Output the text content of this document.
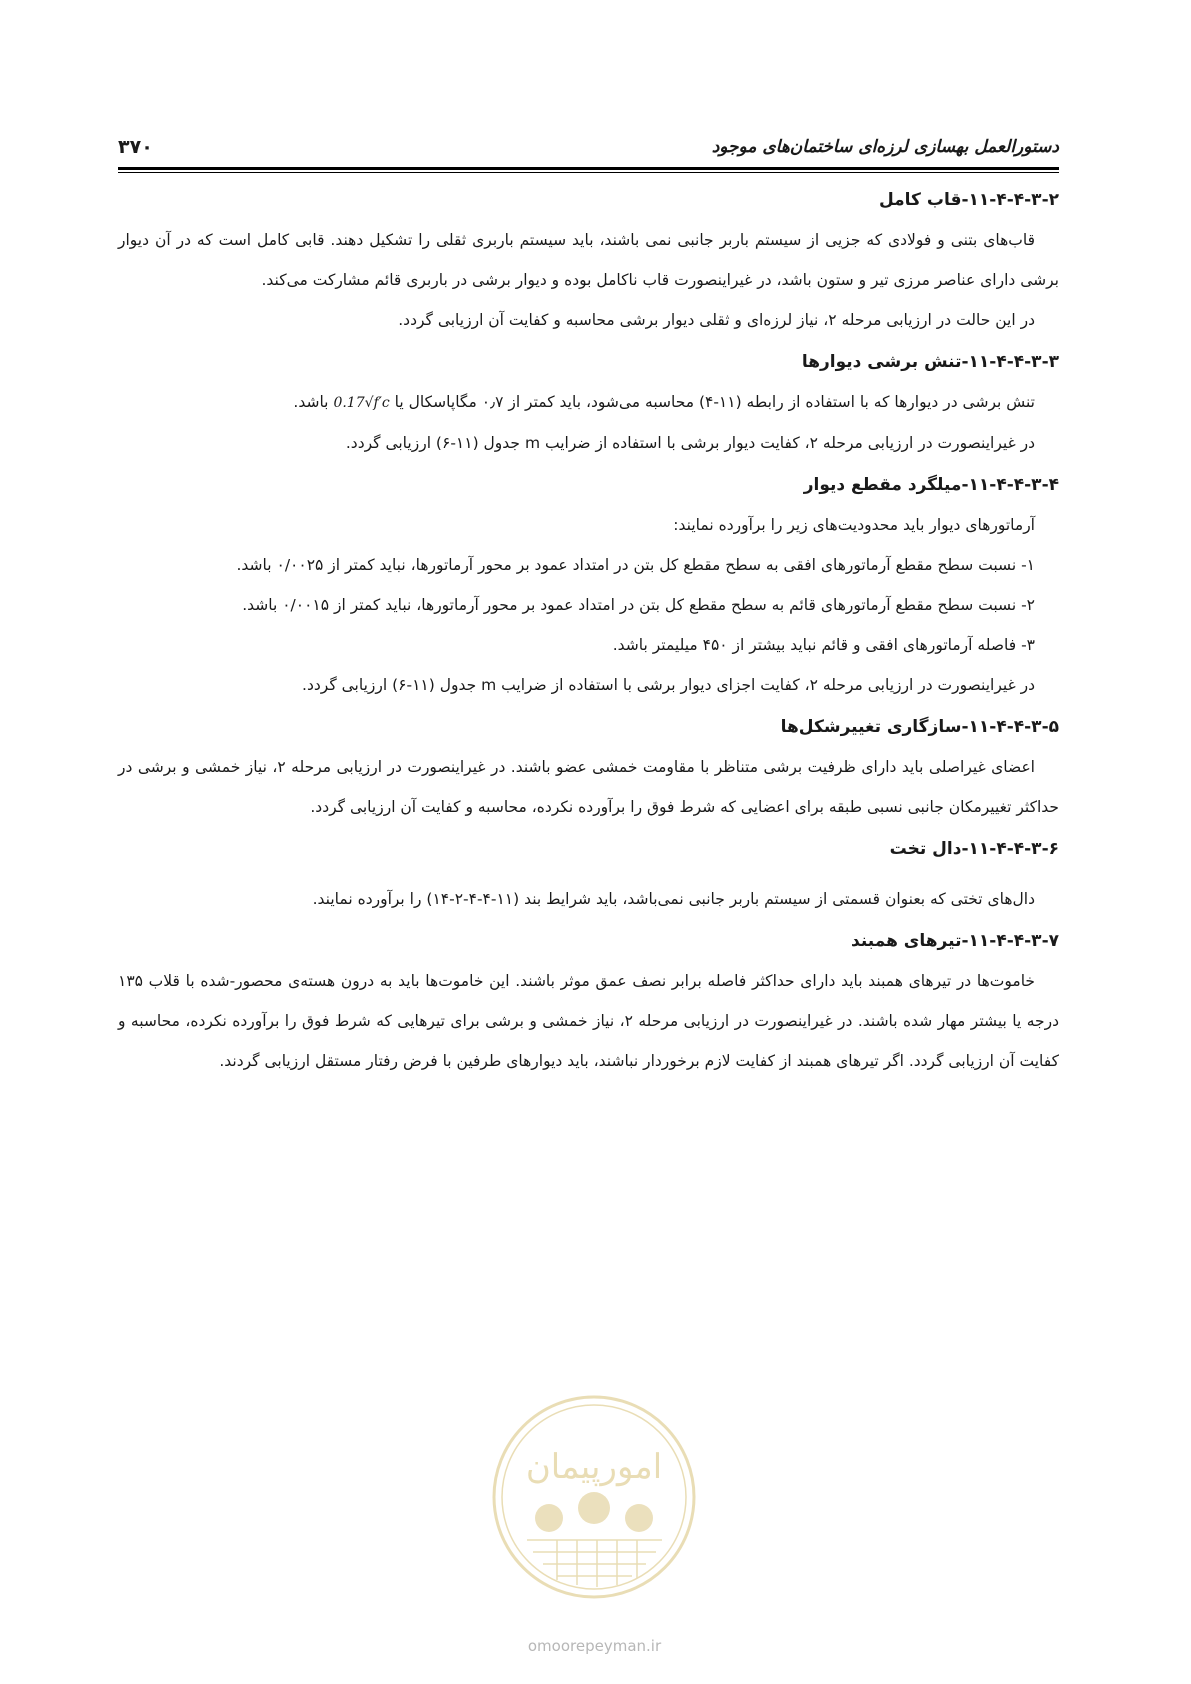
۳۷۰	دستورالعمل بهسازی لرزه‌ای ساختمان‌های موجود
۱۱-۴-۴-۳-۲-قاب کامل

قاب‌های بتنی و فولادی که جزیی از سیستم باربر جانبی نمی باشند، باید سیستم باربری ثقلی را تشکیل دهند. قابی کامل است که در آن دیوار برشی دارای عناصر مرزی تیر و ستون باشد، در غیراینصورت قاب ناکامل بوده و دیوار برشی در باربری قائم مشارکت می‌کند.

در این حالت در ارزیابی مرحله ۲، نیاز لرزه‌ای و ثقلی دیوار برشی محاسبه و کفایت آن ارزیابی گردد.

۱۱-۴-۴-۳-۳-تنش برشی دیوارها

تنش برشی در دیوارها که با استفاده از رابطه (۱۱-۴) محاسبه می‌شود، باید کمتر از ۰٫۷ مگاپاسکال یا 0.17√f′c باشد.

در غیراینصورت در ارزیابی مرحله ۲، کفایت دیوار برشی با استفاده از ضرایب m جدول (۱۱-۶) ارزیابی گردد.

۱۱-۴-۴-۳-۴-میلگرد مقطع دیوار

آرماتورهای دیوار باید محدودیت‌های زیر را برآورده نمایند:

۱- نسبت سطح مقطع آرماتورهای افقی به سطح مقطع کل بتن در امتداد عمود بر محور آرماتورها، نباید کمتر از ۰/۰۰۲۵ باشد.

۲- نسبت سطح مقطع آرماتورهای قائم به سطح مقطع کل بتن در امتداد عمود بر محور آرماتورها، نباید کمتر از ۰/۰۰۱۵ باشد.

۳- فاصله آرماتورهای افقی و قائم نباید بیشتر از ۴۵۰ میلیمتر باشد.

در غیراینصورت در ارزیابی مرحله ۲، کفایت اجزای دیوار برشی با استفاده از ضرایب m جدول (۱۱-۶) ارزیابی گردد.

۱۱-۴-۴-۳-۵-سازگاری تغییرشکل‌ها

اعضای غیراصلی باید دارای ظرفیت برشی متناظر با مقاومت خمشی عضو باشند. در غیراینصورت در ارزیابی مرحله ۲، نیاز خمشی و برشی در حداکثر تغییرمکان جانبی نسبی طبقه برای اعضایی که شرط فوق را برآورده نکرده، محاسبه و کفایت آن ارزیابی گردد.

۱۱-۴-۴-۳-۶-دال تخت

دال‌های تختی که بعنوان قسمتی از سیستم باربر جانبی نمی‌باشد، باید شرایط بند (۱۱-۴-۴-۲-۱۴) را برآورده نمایند.

۱۱-۴-۴-۳-۷-تیرهای همبند

خاموت‌ها در تیرهای همبند باید دارای حداکثر فاصله برابر نصف عمق موثر باشند. این خاموت‌ها باید به درون هسته‌ی محصور-شده با قلاب ۱۳۵ درجه یا بیشتر مهار شده باشند. در غیراینصورت در ارزیابی مرحله ۲، نیاز خمشی و برشی برای تیرهایی که شرط فوق را برآورده نکرده، محاسبه و کفایت آن ارزیابی گردد. اگر تیرهای همبند از کفایت لازم برخوردار نباشند، باید دیوارهای طرفین با فرض رفتار مستقل ارزیابی گردند.

امورپیمان
omoorepeyman.ir
